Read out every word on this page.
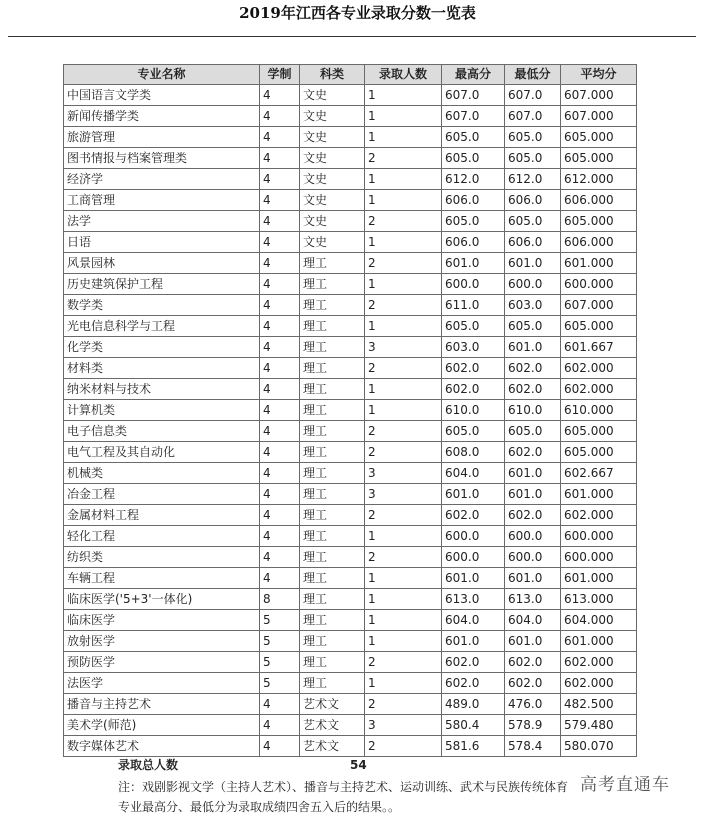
2019年江西各专业录取分数一览表
专业名称	学制	科类	录取人数	最高分	最低分	平均分
中国语言文学类	4	文史	1	607.0	607.0	607.000
新闻传播学类	4	文史	1	607.0	607.0	607.000
旅游管理	4	文史	1	605.0	605.0	605.000
图书情报与档案管理类	4	文史	2	605.0	605.0	605.000
经济学	4	文史	1	612.0	612.0	612.000
工商管理	4	文史	1	606.0	606.0	606.000
法学	4	文史	2	605.0	605.0	605.000
日语	4	文史	1	606.0	606.0	606.000
风景园林	4	理工	2	601.0	601.0	601.000
历史建筑保护工程	4	理工	1	600.0	600.0	600.000
数学类	4	理工	2	611.0	603.0	607.000
光电信息科学与工程	4	理工	1	605.0	605.0	605.000
化学类	4	理工	3	603.0	601.0	601.667
材料类	4	理工	2	602.0	602.0	602.000
纳米材料与技术	4	理工	1	602.0	602.0	602.000
计算机类	4	理工	1	610.0	610.0	610.000
电子信息类	4	理工	2	605.0	605.0	605.000
电气工程及其自动化	4	理工	2	608.0	602.0	605.000
机械类	4	理工	3	604.0	601.0	602.667
冶金工程	4	理工	3	601.0	601.0	601.000
金属材料工程	4	理工	2	602.0	602.0	602.000
轻化工程	4	理工	1	600.0	600.0	600.000
纺织类	4	理工	2	600.0	600.0	600.000
车辆工程	4	理工	1	601.0	601.0	601.000
临床医学('5+3'一体化)	8	理工	1	613.0	613.0	613.000
临床医学	5	理工	1	604.0	604.0	604.000
放射医学	5	理工	1	601.0	601.0	601.000
预防医学	5	理工	2	602.0	602.0	602.000
法医学	5	理工	1	602.0	602.0	602.000
播音与主持艺术	4	艺术文	2	489.0	476.0	482.500
美术学(师范)	4	艺术文	3	580.4	578.9	579.480
数字媒体艺术	4	艺术文	2	581.6	578.4	580.070
录取总人数	54
注：戏剧影视文学（主持人艺术）、播音与主持艺术、运动训练、武术与民族传统体育专业最高分、最低分为录取成绩四舍五入后的结果。。
高考直通车
